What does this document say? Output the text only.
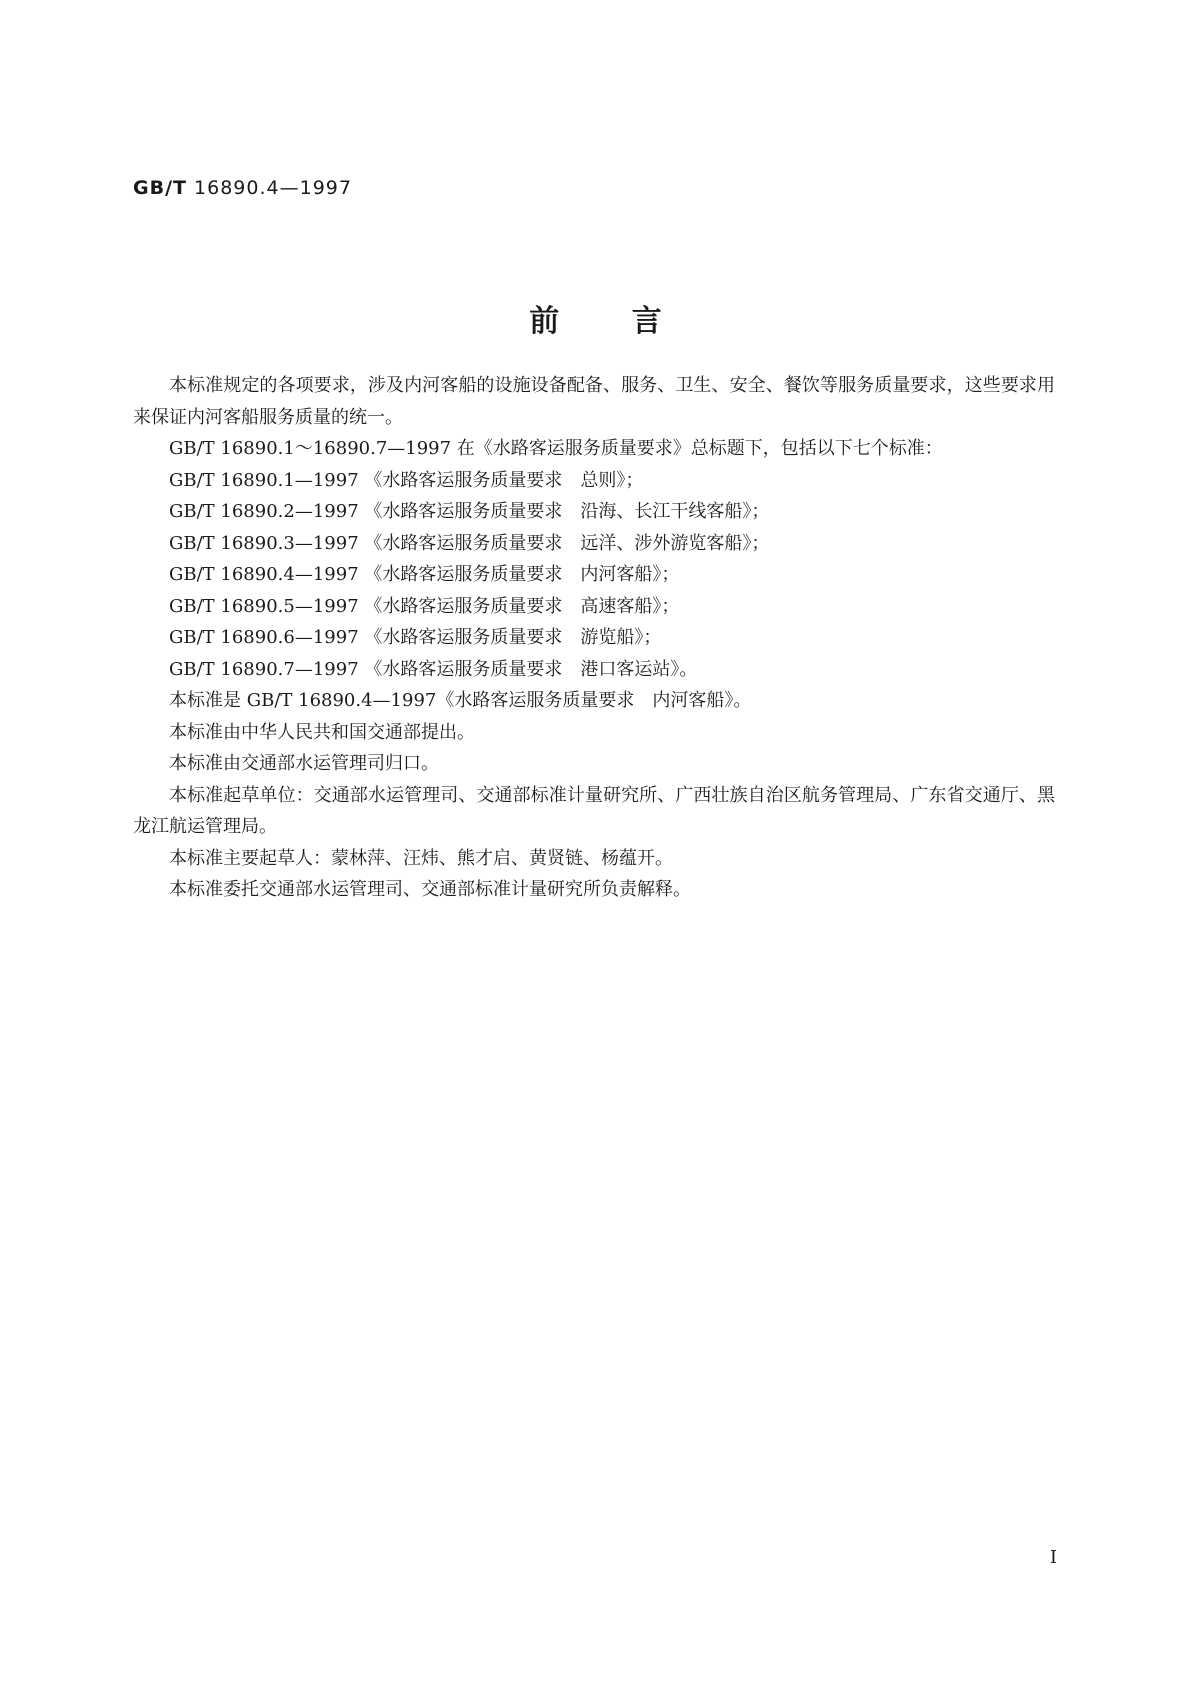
GB/T 16890.4—1997
前 言

本标准规定的各项要求，涉及内河客船的设施设备配备、服务、卫生、安全、餐饮等服务质量要求，这些要求用来保证内河客船服务质量的统一。

GB/T 16890.1～16890.7—1997 在《水路客运服务质量要求》总标题下，包括以下七个标准：

GB/T 16890.1—1997 《水路客运服务质量要求　总则》；

GB/T 16890.2—1997 《水路客运服务质量要求　沿海、长江干线客船》；

GB/T 16890.3—1997 《水路客运服务质量要求　远洋、涉外游览客船》；

GB/T 16890.4—1997 《水路客运服务质量要求　内河客船》；

GB/T 16890.5—1997 《水路客运服务质量要求　高速客船》；

GB/T 16890.6—1997 《水路客运服务质量要求　游览船》；

GB/T 16890.7—1997 《水路客运服务质量要求　港口客运站》。

本标准是 GB/T 16890.4—1997《水路客运服务质量要求　内河客船》。

本标准由中华人民共和国交通部提出。

本标准由交通部水运管理司归口。

本标准起草单位：交通部水运管理司、交通部标准计量研究所、广西壮族自治区航务管理局、广东省交通厅、黑龙江航运管理局。

本标准主要起草人：蒙林萍、汪炜、熊才启、黄贤链、杨蕴开。

本标准委托交通部水运管理司、交通部标准计量研究所负责解释。

I
